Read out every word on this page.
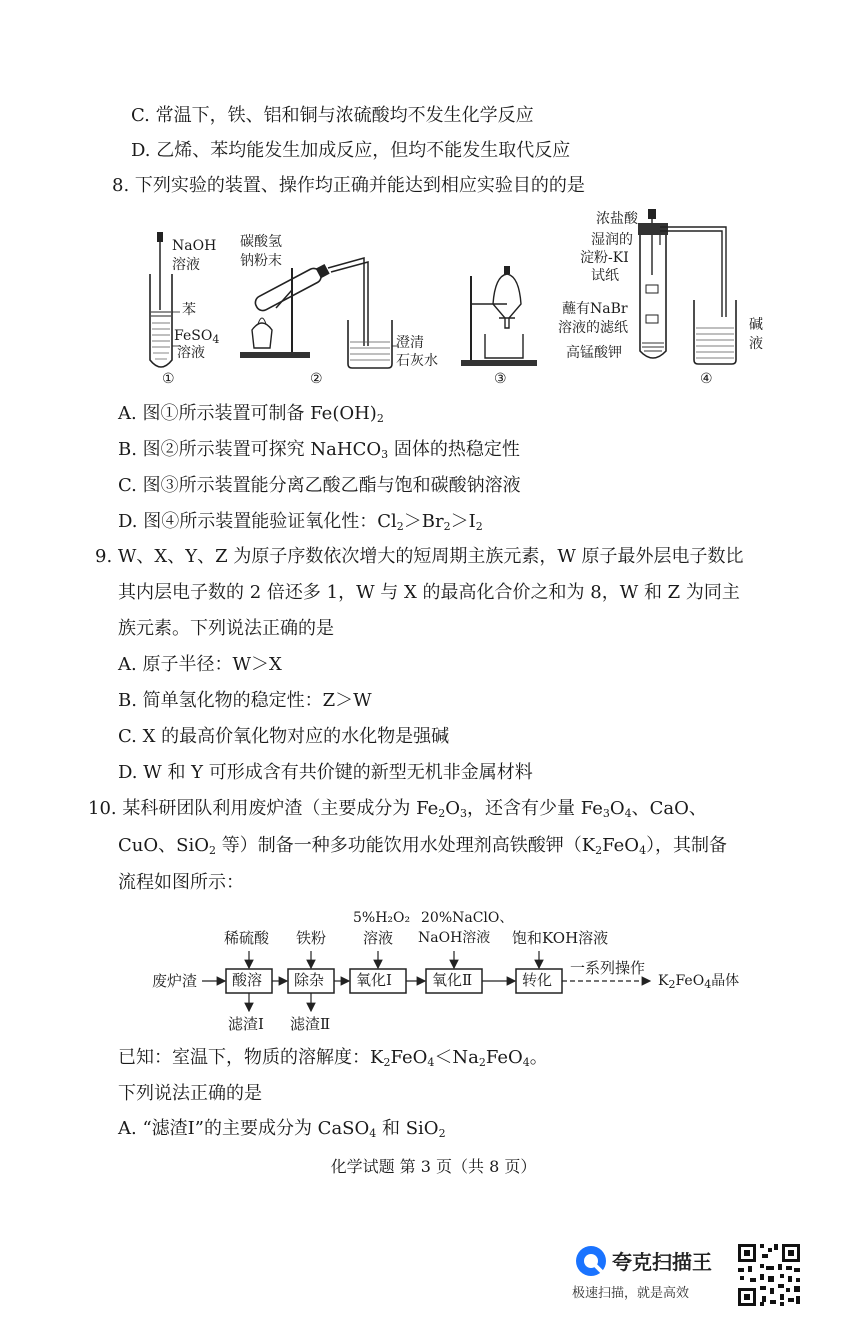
C. 常温下，铁、铝和铜与浓硫酸均不发生化学反应
D. 乙烯、苯均能发生加成反应，但均不能发生取代反应
8. 下列实验的装置、操作均正确并能达到相应实验目的的是
NaOH
溶液
苯
FeSO$_4$
溶液
①
碳酸氢
钠粉末
澄清
石灰水
②	③
浓盐酸
湿润的
淀粉-KI
试纸
蘸有NaBr
溶液的滤纸
高锰酸钾
碱
液
④
A. 图①所示装置可制备 $Fe(OH)_2$
B. 图②所示装置可探究 NaHCO$_3$ 固体的热稳定性
C. 图③所示装置能分离乙酸乙酯与饱和碳酸钠溶液
D. 图④所示装置能验证氧化性：$Cl_2>Br_2>I_2$
9. W、X、Y、Z 为原子序数依次增大的短周期主族元素，W 原子最外层电子数比
其内层电子数的 2 倍还多 1，W 与 X 的最高化合价之和为 8，W 和 Z 为同主
族元素。下列说法正确的是
A. 原子半径：W＞X
B. 简单氢化物的稳定性：Z＞W
C. X 的最高价氧化物对应的水化物是强碱
D. W 和 Y 可形成含有共价键的新型无机非金属材料
10. 某科研团队利用废炉渣（主要成分为 $Fe_2O_3$，还含有少量 $Fe_3O_4$、CaO、
CuO、SiO$_2$ 等）制备一种多功能饮用水处理剂高铁酸钾$(K_2FeO_4)$，其制备
流程如图所示：
废炉渣 酸溶 除杂 氧化Ⅰ	氧化Ⅱ	转化
稀硫酸 铁粉
5%H₂O₂
溶液
20%NaClO、
NaOH溶液 饱和KOH溶液
滤渣Ⅰ 滤渣Ⅱ
一系列操作
$K_2FeO_4$晶体
已知：室温下，物质的溶解度：$K_2FeO_4<Na_2FeO_4$。
下列说法正确的是
A. “滤渣Ⅰ”的主要成分为 CaSO$_4$ 和 SiO$_2$
化学试题 第 3 页（共 8 页）
夸克扫描王
极速扫描，就是高效
